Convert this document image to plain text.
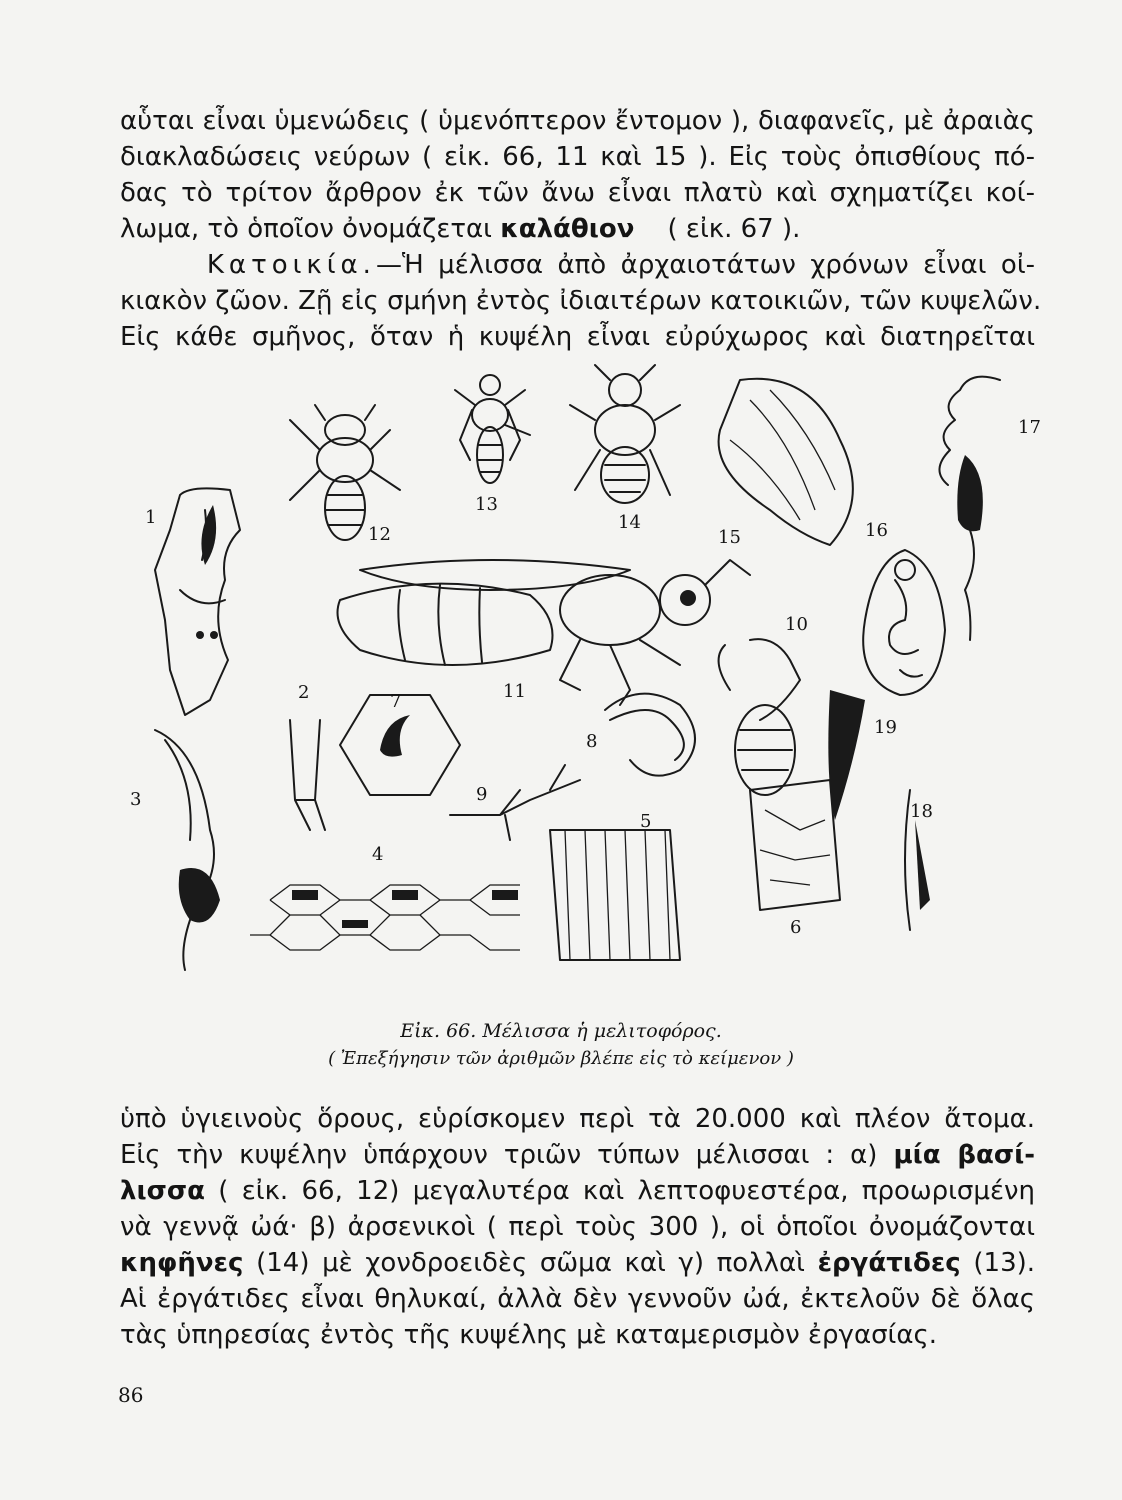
αὗται εἶναι ὑμενώδεις ( ὑμενόπτερον ἔντομον ), διαφανεῖς, μὲ ἀραιὰς
διακλαδώσεις νεύρων ( εἰκ. 66, 11 καὶ 15 ). Εἰς τοὺς ὀπισθίους πό-
δας τὸ τρίτον ἄρθρον ἐκ τῶν ἄνω εἶναι πλατὺ καὶ σχηματίζει κοί-
λωμα, τὸ ὁποῖον ὀνομάζεται καλάθιον ( εἰκ. 67 ).
Κατοικία.—Ἡ μέλισσα ἀπὸ ἀρχαιοτάτων χρόνων εἶναι οἰ-
κιακὸν ζῶον. Ζῇ εἰς σμήνη ἐντὸς ἰδιαιτέρων κατοικιῶν, τῶν κυψελῶν.
Εἰς κάθε σμῆνος, ὅταν ἡ κυψέλη εἶναι εὐρύχωρος καὶ διατηρεῖται
1
2
3
4
5
6
7
8
9
10
11
12
13
14
15	16
17
18
19

Εἰκ. 66. Μέλισσα ἡ μελιτοφόρος.

( Ἐπεξήγησιν τῶν ἀριθμῶν βλέπε εἰς τὸ κείμενον )

ὑπὸ ὑγιεινοὺς ὅρους, εὑρίσκομεν περὶ τὰ 20.000 καὶ πλέον ἄτομα.
Εἰς τὴν κυψέλην ὑπάρχουν τριῶν τύπων μέλισσαι : α) μία βασί-
λισσα ( εἰκ. 66, 12) μεγαλυτέρα καὶ λεπτοφυεστέρα, προωρισμένη
νὰ γεννᾷ ὠά· β) ἀρσενικοὶ ( περὶ τοὺς 300 ), οἱ ὁποῖοι ὀνομάζονται
κηφῆνες (14) μὲ χονδροειδὲς σῶμα καὶ γ) πολλαὶ ἐργάτιδες (13).
Αἱ ἐργάτιδες εἶναι θηλυκαί, ἀλλὰ δὲν γεννοῦν ὠά, ἐκτελοῦν δὲ ὅλας
τὰς ὑπηρεσίας ἐντὸς τῆς κυψέλης μὲ καταμερισμὸν ἐργασίας.

86
